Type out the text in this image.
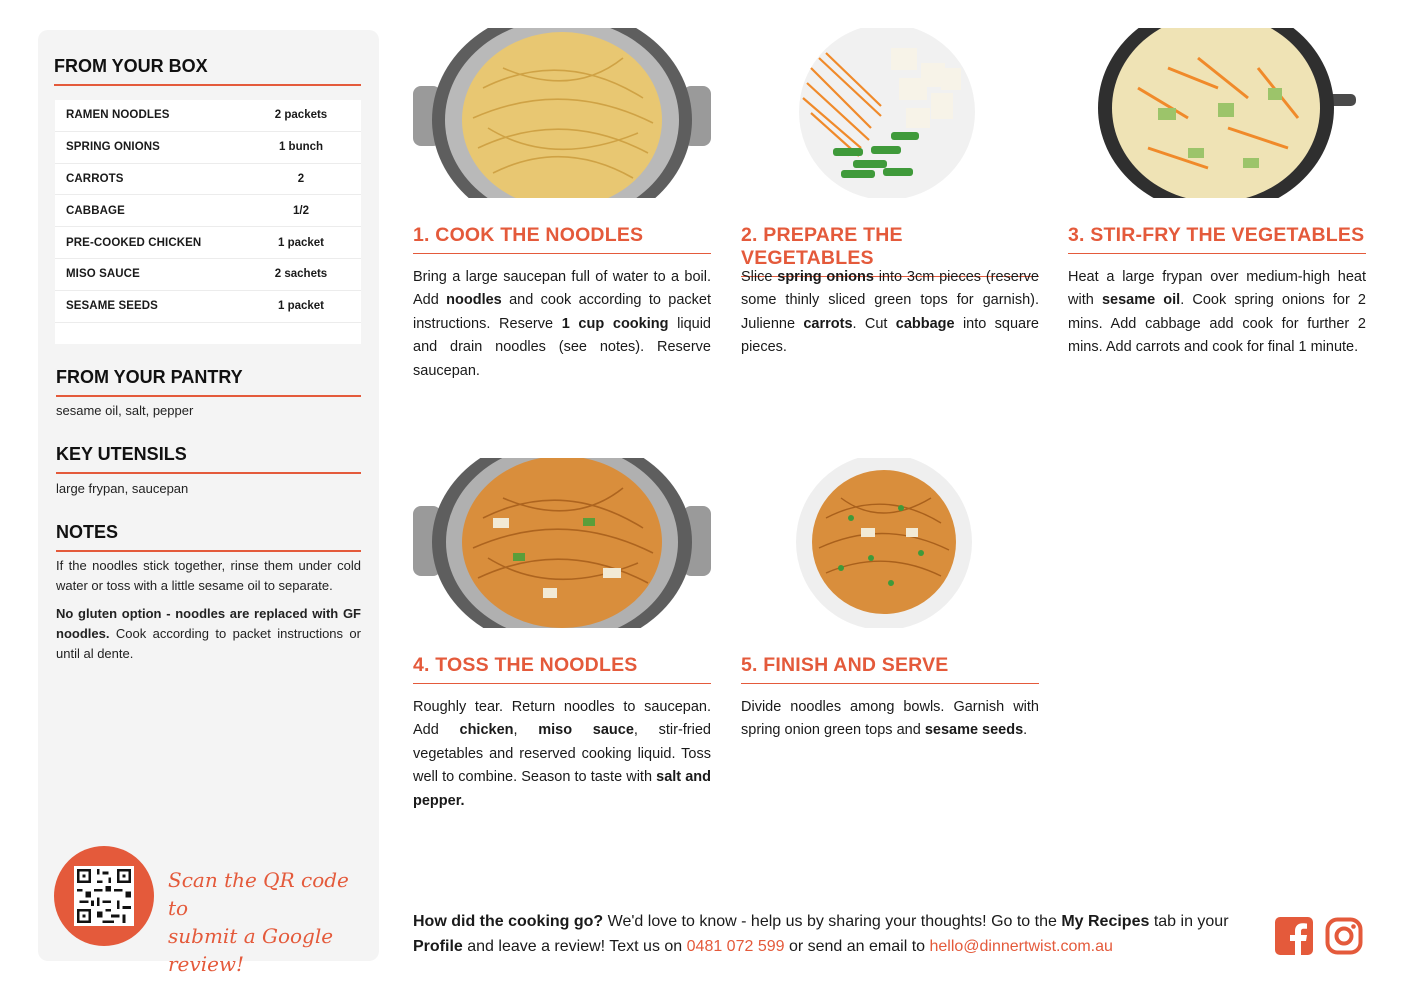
FROM YOUR BOX
RAMEN NOODLES	2 packets
SPRING ONIONS	1 bunch
CARROTS	2
CABBAGE	1/2
PRE-COOKED CHICKEN	1 packet
MISO SAUCE	2 sachets
SESAME SEEDS	1 packet
FROM YOUR PANTRY
sesame oil, salt, pepper
KEY UTENSILS
large frypan, saucepan
NOTES

If the noodles stick together, rinse them under cold water or toss with a little sesame oil to separate.

No gluten option - noodles are replaced with GF noodles. Cook according to packet instructions or until al dente.

Scan the QR code to
submit a Google review!
1. COOK THE NOODLES
Bring a large saucepan full of water to a boil. Add noodles and cook according to packet instructions. Reserve 1 cup cooking liquid and drain noodles (see notes). Reserve saucepan.
2. PREPARE THE VEGETABLES
Slice spring onions into 3cm pieces (reserve some thinly sliced green tops for garnish). Julienne carrots. Cut cabbage into square pieces.
3. STIR-FRY THE VEGETABLES
Heat a large frypan over medium-high heat with sesame oil. Cook spring onions for 2 mins. Add cabbage add cook for further 2 mins. Add carrots and cook for final 1 minute.
4. TOSS THE NOODLES
Roughly tear. Return noodles to saucepan. Add chicken, miso sauce, stir-fried vegetables and reserved cooking liquid. Toss well to combine. Season to taste with salt and pepper.
5. FINISH AND SERVE
Divide noodles among bowls. Garnish with spring onion green tops and sesame seeds.
How did the cooking go? We'd love to know - help us by sharing your thoughts! Go to the My Recipes tab in your Profile and leave a review! Text us on 0481 072 599 or send an email to hello@dinnertwist.com.au
